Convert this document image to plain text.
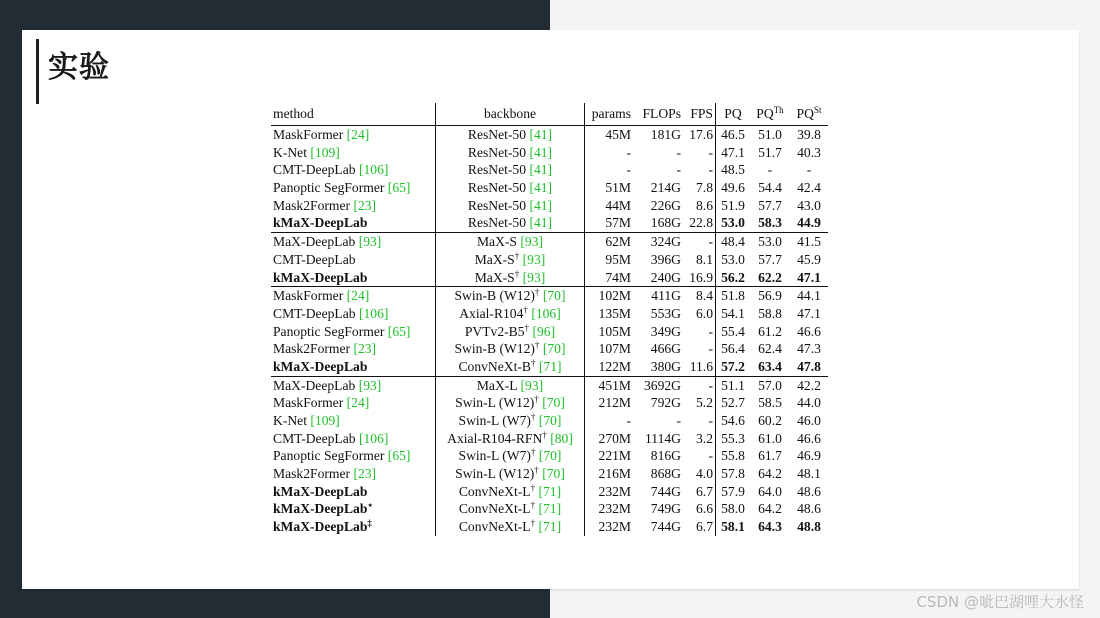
实验
method	backbone	params	FLOPs	FPS	PQ	$PQ^{Th}$	$PQ^{St}$
MaskFormer [24]	ResNet-50 [41]	45M	181G	17.6	46.5	51.0	39.8
K-Net [109]	ResNet-50 [41]	-	-	-	47.1	51.7	40.3
CMT-DeepLab [106]	ResNet-50 [41]	-	-	-	48.5	-	-
Panoptic SegFormer [65]	ResNet-50 [41]	51M	214G	7.8	49.6	54.4	42.4
Mask2Former [23]	ResNet-50 [41]	44M	226G	8.6	51.9	57.7	43.0
kMaX-DeepLab	ResNet-50 [41]	57M	168G	22.8	53.0	58.3	44.9
MaX-DeepLab [93]	MaX-S [93]	62M	324G	-	48.4	53.0	41.5
CMT-DeepLab	MaX-S† [93]	95M	396G	8.1	53.0	57.7	45.9
kMaX-DeepLab	MaX-S† [93]	74M	240G	16.9	56.2	62.2	47.1
MaskFormer [24]	Swin-B (W12)† [70]	102M	411G	8.4	51.8	56.9	44.1
CMT-DeepLab [106]	Axial-R104† [106]	135M	553G	6.0	54.1	58.8	47.1
Panoptic SegFormer [65]	PVTv2-B5† [96]	105M	349G	-	55.4	61.2	46.6
Mask2Former [23]	Swin-B (W12)† [70]	107M	466G	-	56.4	62.4	47.3
kMaX-DeepLab	ConvNeXt-B† [71]	122M	380G	11.6	57.2	63.4	47.8
MaX-DeepLab [93]	MaX-L [93]	451M	3692G	-	51.1	57.0	42.2
MaskFormer [24]	Swin-L (W12)† [70]	212M	792G	5.2	52.7	58.5	44.0
K-Net [109]	Swin-L (W7)† [70]	-	-	-	54.6	60.2	46.0
CMT-DeepLab [106]	Axial-R104-RFN† [80]	270M	1114G	3.2	55.3	61.0	46.6
Panoptic SegFormer [65]	Swin-L (W7)† [70]	221M	816G	-	55.8	61.7	46.9
Mask2Former [23]	Swin-L (W12)† [70]	216M	868G	4.0	57.8	64.2	48.1
kMaX-DeepLab	ConvNeXt-L† [71]	232M	744G	6.7	57.9	64.0	48.6
kMaX-DeepLab⋆	ConvNeXt-L† [71]	232M	749G	6.6	58.0	64.2	48.6
kMaX-DeepLab‡	ConvNeXt-L† [71]	232M	744G	6.7	58.1	64.3	48.8
CSDN @呲巴湖哩大水怪
